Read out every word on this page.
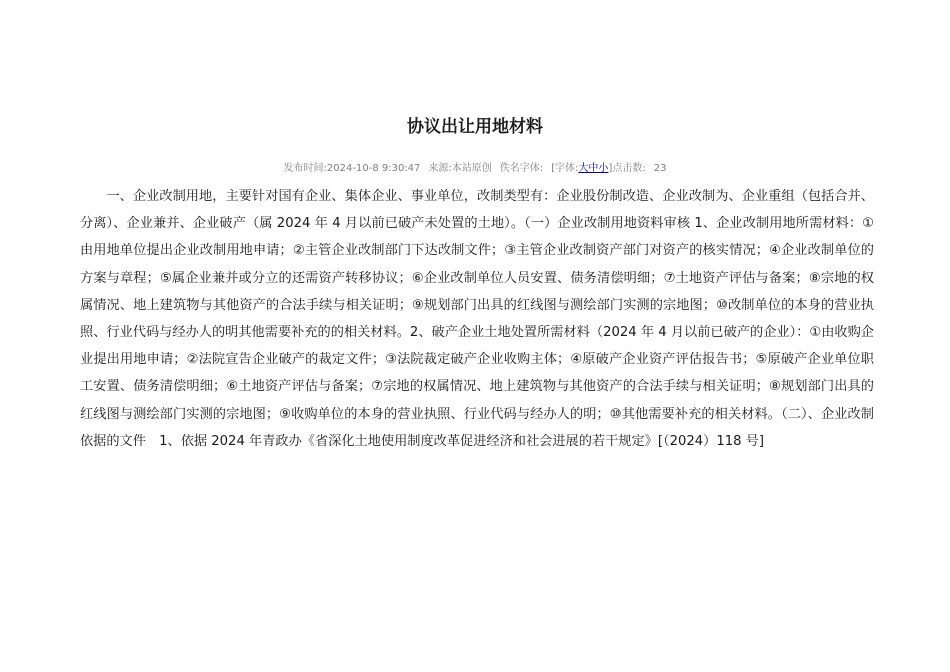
协议出让用地材料
发布时间:2024-10-8 9:30:47 来源:本站原创 佚名字体: [字体:大中小]点击数: 23

一、企业改制用地，主要针对国有企业、集体企业、事业单位，改制类型有：企业股份制改造、企业改制为、企业重组（包括合并、分离）、企业兼并、企业破产（属 2024 年 4 月以前已破产未处置的土地）。（一）企业改制用地资料审核 1、企业改制用地所需材料：①由用地单位提出企业改制用地申请；②主管企业改制部门下达改制文件；③主管企业改制资产部门对资产的核实情况；④企业改制单位的方案与章程；⑤属企业兼并或分立的还需资产转移协议；⑥企业改制单位人员安置、债务清偿明细；⑦土地资产评估与备案；⑧宗地的权属情况、地上建筑物与其他资产的合法手续与相关证明；⑨规划部门出具的红线图与测绘部门实测的宗地图；⑩改制单位的本身的营业执照、行业代码与经办人的明其他需要补充的的相关材料。2、破产企业土地处置所需材料（2024 年 4 月以前已破产的企业）：①由收购企业提出用地申请；②法院宣告企业破产的裁定文件；③法院裁定破产企业收购主体；④原破产企业资产评估报告书；⑤原破产企业单位职工安置、债务清偿明细；⑥土地资产评估与备案；⑦宗地的权属情况、地上建筑物与其他资产的合法手续与相关证明；⑧规划部门出具的红线图与测绘部门实测的宗地图；⑨收购单位的本身的营业执照、行业代码与经办人的明；⑩其他需要补充的相关材料。（二）、企业改制依据的文件　1、依据 2024 年青政办《省深化土地使用制度改革促进经济和社会进展的若干规定》[（2024）118 号]
